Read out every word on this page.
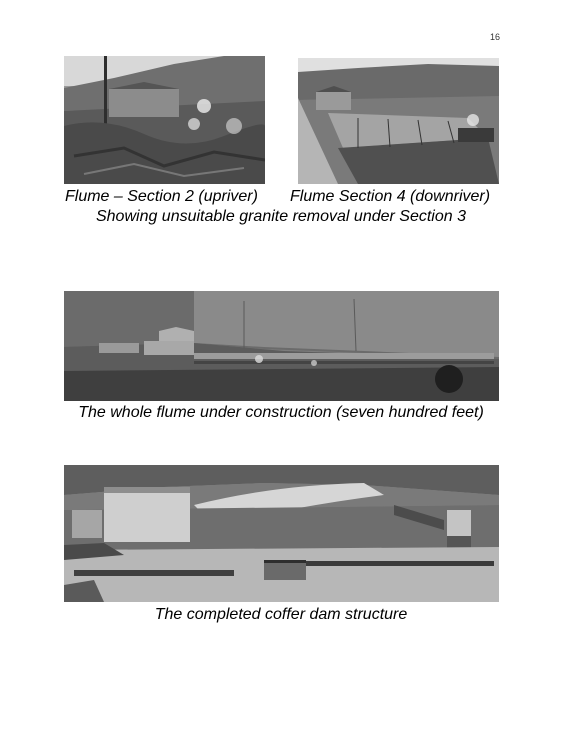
16
Flume – Section 2 (upriver) Flume Section 4 (downriver)
Showing unsuitable granite removal under Section 3
The whole flume under construction (seven hundred feet)
The completed coffer dam structure
